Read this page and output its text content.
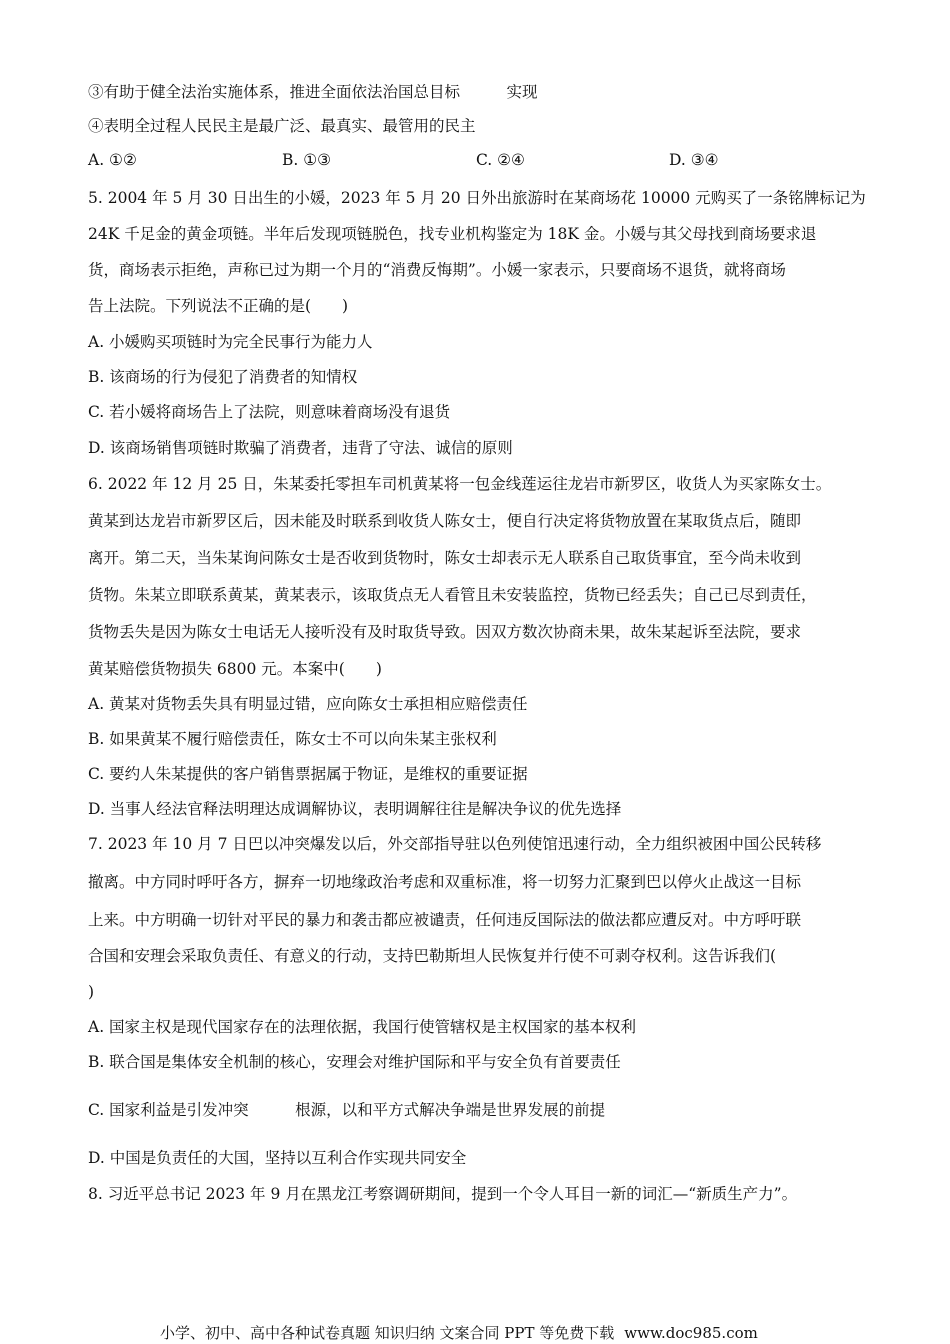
③有助于健全法治实施体系，推进全面依法治国总目标　　　实现
④表明全过程人民民主是最广泛、最真实、最管用的民主
A. ①②	B. ①③	C. ②④	D. ③④
5. 2004 年 5 月 30 日出生的小媛，2023 年 5 月 20 日外出旅游时在某商场花 10000 元购买了一条铭牌标记为
24K 千足金的黄金项链。半年后发现项链脱色，找专业机构鉴定为 18K 金。小媛与其父母找到商场要求退
货，商场表示拒绝，声称已过为期一个月的“消费反悔期”。小媛一家表示，只要商场不退货，就将商场
告上法院。下列说法不正确的是(　　)
A. 小媛购买项链时为完全民事行为能力人
B. 该商场的行为侵犯了消费者的知情权
C. 若小媛将商场告上了法院，则意味着商场没有退货
D. 该商场销售项链时欺骗了消费者，违背了守法、诚信的原则
6. 2022 年 12 月 25 日，朱某委托零担车司机黄某将一包金线莲运往龙岩市新罗区，收货人为买家陈女士。
黄某到达龙岩市新罗区后，因未能及时联系到收货人陈女士，便自行决定将货物放置在某取货点后，随即
离开。第二天，当朱某询问陈女士是否收到货物时，陈女士却表示无人联系自己取货事宜，至今尚未收到
货物。朱某立即联系黄某，黄某表示，该取货点无人看管且未安装监控，货物已经丢失；自己已尽到责任，
货物丢失是因为陈女士电话无人接听没有及时取货导致。因双方数次协商未果，故朱某起诉至法院，要求
黄某赔偿货物损失 6800 元。本案中(　　)
A. 黄某对货物丢失具有明显过错，应向陈女士承担相应赔偿责任
B. 如果黄某不履行赔偿责任，陈女士不可以向朱某主张权利
C. 要约人朱某提供的客户销售票据属于物证，是维权的重要证据
D. 当事人经法官释法明理达成调解协议，表明调解往往是解决争议的优先选择
7. 2023 年 10 月 7 日巴以冲突爆发以后，外交部指导驻以色列使馆迅速行动，全力组织被困中国公民转移
撤离。中方同时呼吁各方，摒弃一切地缘政治考虑和双重标准，将一切努力汇聚到巴以停火止战这一目标
上来。中方明确一切针对平民的暴力和袭击都应被谴责，任何违反国际法的做法都应遭反对。中方呼吁联
合国和安理会采取负责任、有意义的行动，支持巴勒斯坦人民恢复并行使不可剥夺权利。这告诉我们(
)
A. 国家主权是现代国家存在的法理依据，我国行使管辖权是主权国家的基本权利
B. 联合国是集体安全机制的核心，安理会对维护国际和平与安全负有首要责任
C. 国家利益是引发冲突　　　根源，以和平方式解决争端是世界发展的前提
D. 中国是负责任的大国，坚持以互利合作实现共同安全
8. 习近平总书记 2023 年 9 月在黑龙江考察调研期间，提到一个令人耳目一新的词汇—“新质生产力”。
小学、初中、高中各种试卷真题 知识归纳 文案合同 PPT 等免费下载 www.doc985.com
